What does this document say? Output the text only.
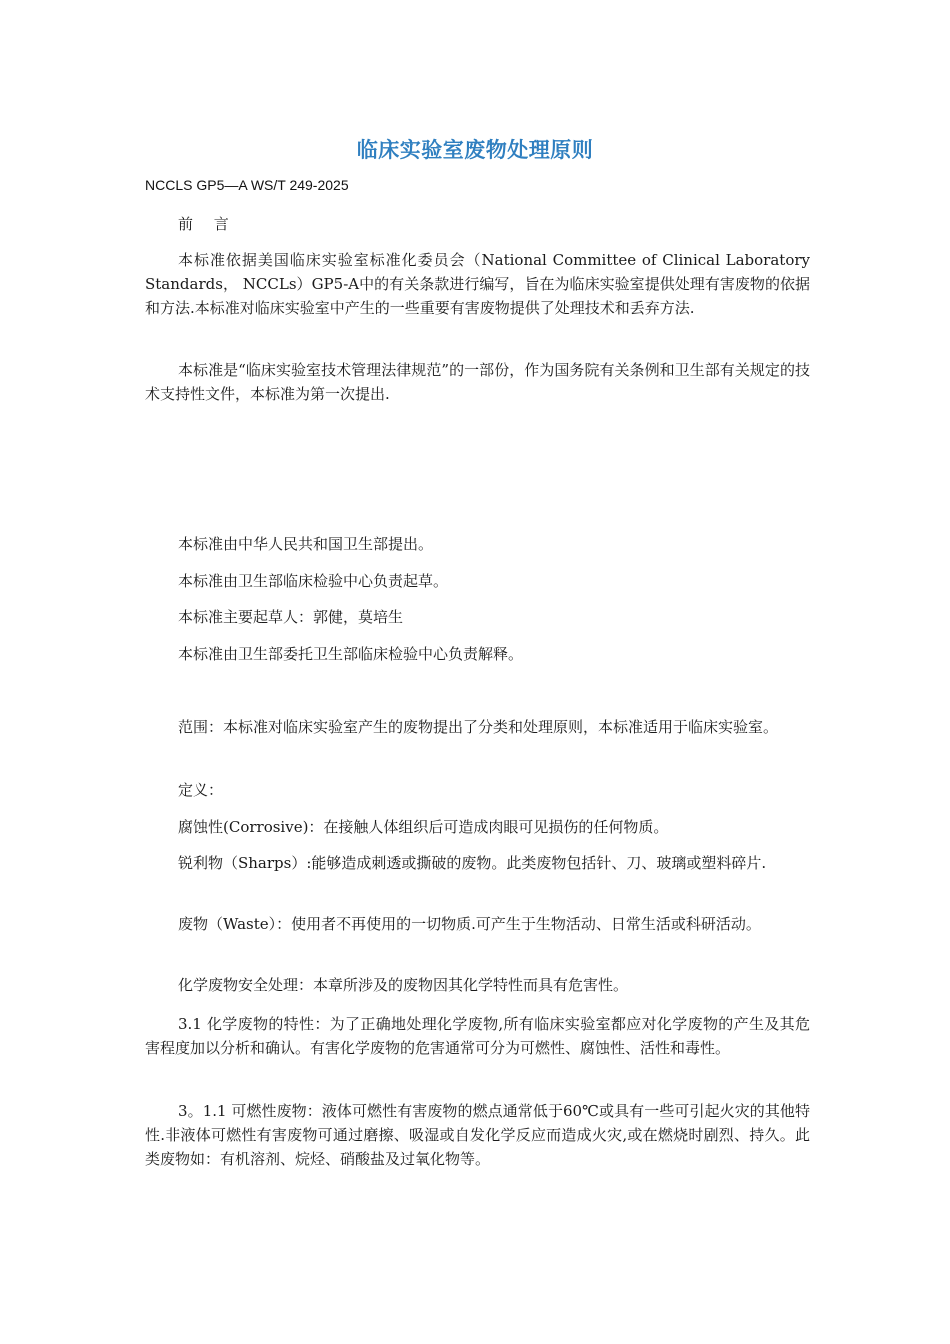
临床实验室废物处理原则
NCCLS GP5—A WS/T 249-2025
前 言
本标准依据美国临床实验室标准化委员会（National Committee of Clinical Laboratory Standards， NCCLs）GP5-A中的有关条款进行编写，旨在为临床实验室提供处理有害废物的依据和方法.本标准对临床实验室中产生的一些重要有害废物提供了处理技术和丢弃方法.
本标准是“临床实验室技术管理法律规范”的一部份，作为国务院有关条例和卫生部有关规定的技术支持性文件，本标准为第一次提出.
本标准由中华人民共和国卫生部提出。
本标准由卫生部临床检验中心负责起草。
本标准主要起草人：郭健，莫培生
本标准由卫生部委托卫生部临床检验中心负责解释。
范围：本标准对临床实验室产生的废物提出了分类和处理原则，本标准适用于临床实验室。
定义：
腐蚀性(Corrosive)：在接触人体组织后可造成肉眼可见损伤的任何物质。
锐利物（Sharps）:能够造成刺透或撕破的废物。此类废物包括针、刀、玻璃或塑料碎片.
废物（Waste）：使用者不再使用的一切物质.可产生于生物活动、日常生活或科研活动。
化学废物安全处理：本章所涉及的废物因其化学特性而具有危害性。
3.1 化学废物的特性：为了正确地处理化学废物,所有临床实验室都应对化学废物的产生及其危害程度加以分析和确认。有害化学废物的危害通常可分为可燃性、腐蚀性、活性和毒性。
3。1.1 可燃性废物：液体可燃性有害废物的燃点通常低于60℃或具有一些可引起火灾的其他特性.非液体可燃性有害废物可通过磨擦、吸湿或自发化学反应而造成火灾,或在燃烧时剧烈、持久。此类废物如：有机溶剂、烷烃、硝酸盐及过氧化物等。
